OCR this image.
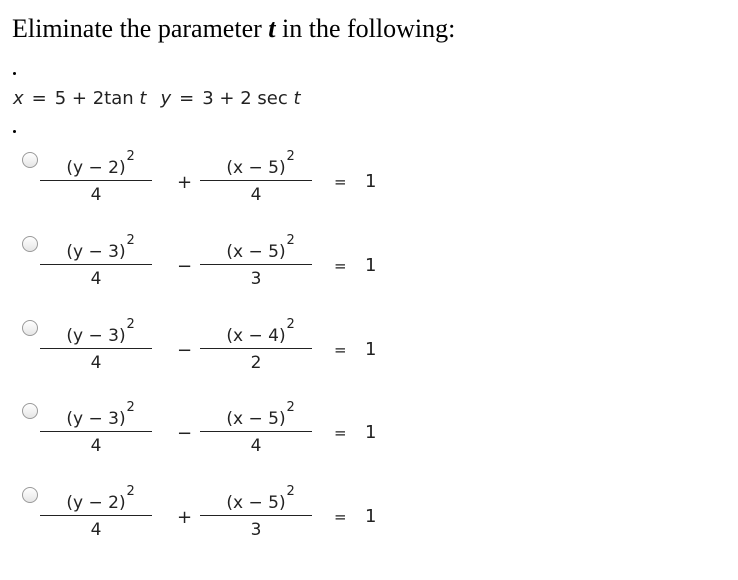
Eliminate the parameter t in the following:
x = 5 + 2tan t y = 3 + 2 sec t
(y − 2)
2
4 + (x − 5)
2
4 = 1
(y − 3)
2
4 − (x − 5)
2
3 = 1
(y − 3)
2
4 − (x − 4)
2
2 = 1
(y − 3)
2
4 − (x − 5)
2
4 = 1
(y − 2)
2
4 + (x − 5)
2
3 = 1
